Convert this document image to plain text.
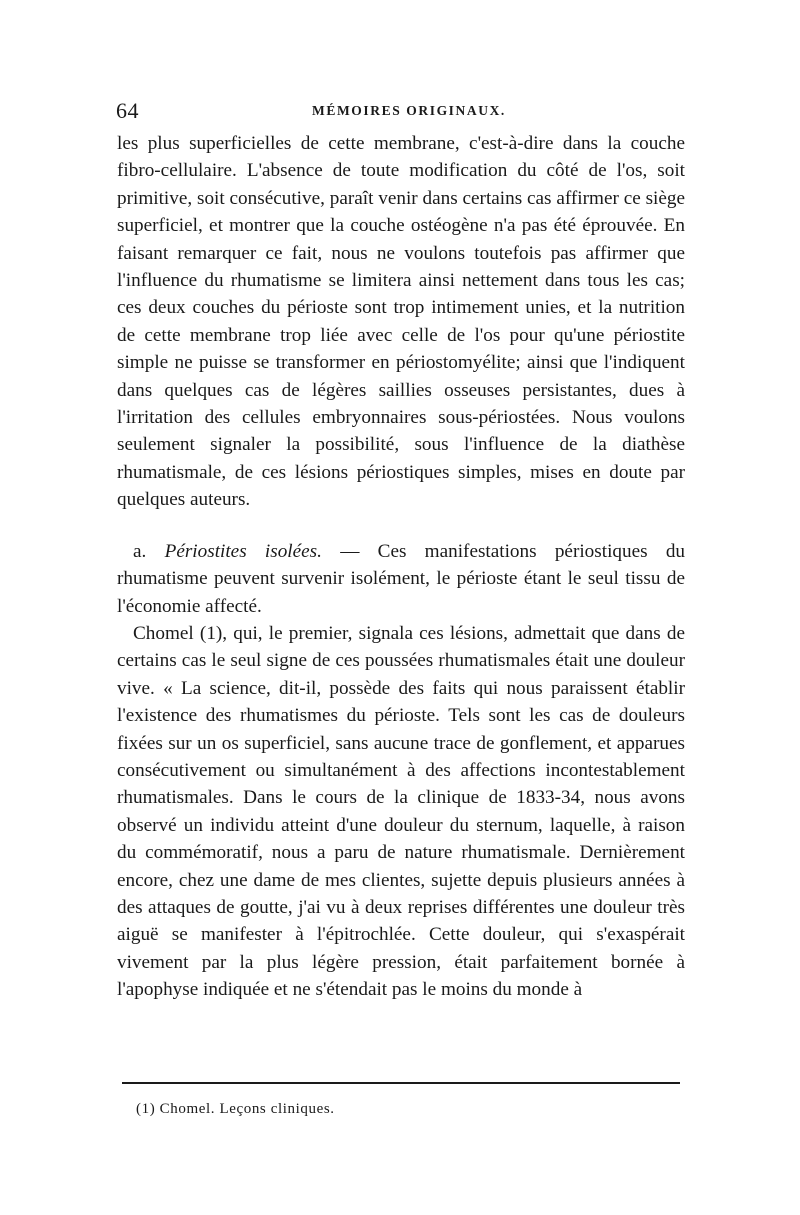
64	MÉMOIRES ORIGINAUX.

les plus superficielles de cette membrane, c'est-à-dire dans la couche fibro-cellulaire. L'absence de toute modification du côté de l'os, soit primitive, soit consécutive, paraît venir dans certains cas affirmer ce siège superficiel, et montrer que la couche ostéogène n'a pas été éprouvée. En faisant remarquer ce fait, nous ne voulons toutefois pas affirmer que l'influence du rhumatisme se limitera ainsi nettement dans tous les cas; ces deux couches du périoste sont trop intimement unies, et la nutrition de cette membrane trop liée avec celle de l'os pour qu'une périostite simple ne puisse se transformer en périostomyélite; ainsi que l'indiquent dans quelques cas de légères saillies osseuses persistantes, dues à l'irritation des cellules embryonnaires sous-périostées. Nous voulons seulement signaler la possibilité, sous l'influence de la diathèse rhumatismale, de ces lésions périostiques simples, mises en doute par quelques auteurs.

a. Périostites isolées. — Ces manifestations périostiques du rhumatisme peuvent survenir isolément, le périoste étant le seul tissu de l'économie affecté.

Chomel (1), qui, le premier, signala ces lésions, admettait que dans de certains cas le seul signe de ces poussées rhumatismales était une douleur vive. « La science, dit-il, possède des faits qui nous paraissent établir l'existence des rhumatismes du périoste. Tels sont les cas de douleurs fixées sur un os superficiel, sans aucune trace de gonflement, et apparues consécutivement ou simultanément à des affections incontestablement rhumatismales. Dans le cours de la clinique de 1833-34, nous avons observé un individu atteint d'une douleur du sternum, laquelle, à raison du commémoratif, nous a paru de nature rhumatismale. Dernièrement encore, chez une dame de mes clientes, sujette depuis plusieurs années à des attaques de goutte, j'ai vu à deux reprises différentes une douleur très aiguë se manifester à l'épitrochlée. Cette douleur, qui s'exaspérait vivement par la plus légère pression, était parfaitement bornée à l'apophyse indiquée et ne s'étendait pas le moins du monde à

(1) Chomel. Leçons cliniques.
